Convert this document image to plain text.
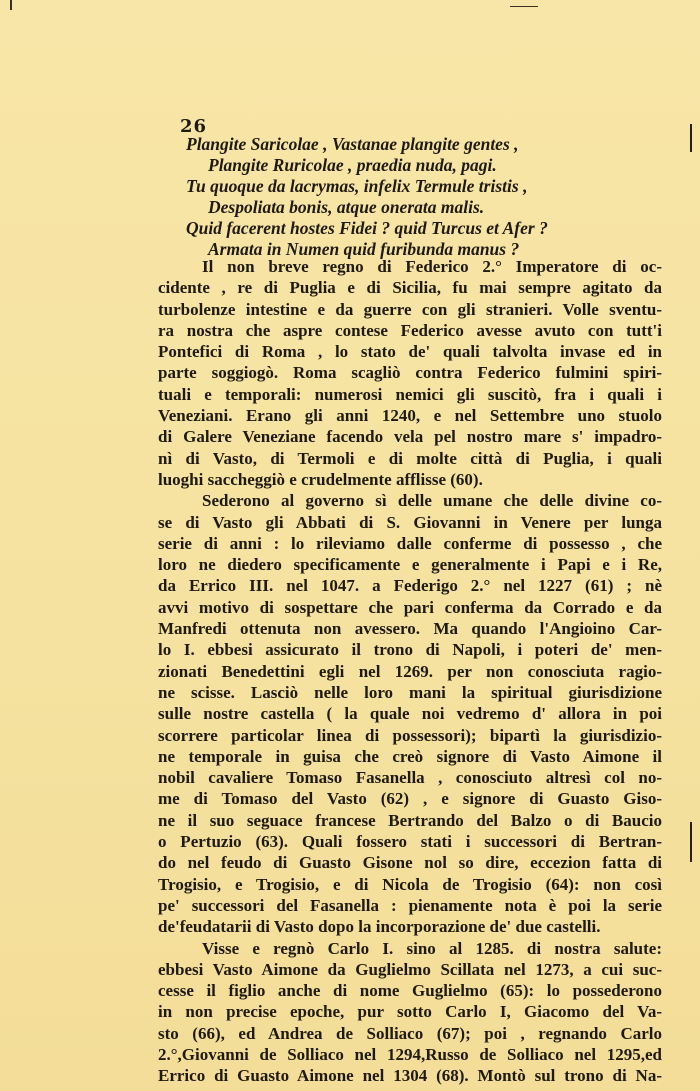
26
Plangite Saricolae , Vastanae plangite gentes ,
Plangite Ruricolae , praedia nuda, pagi.
Tu quoque da lacrymas, infelix Termule tristis ,
Despoliata bonis, atque onerata malis.
Quid facerent hostes Fidei ? quid Turcus et Afer ?
Armata in Numen quid furibunda manus ?
Il non breve regno di Federico 2.° Imperatore di oc-
cidente , re di Puglia e di Sicilia, fu mai sempre agitato da
turbolenze intestine e da guerre con gli stranieri. Volle sventu-
ra nostra che aspre contese Federico avesse avuto con tutt'i
Pontefici di Roma , lo stato de' quali talvolta invase ed in
parte soggiogò. Roma scagliò contra Federico fulmini spiri-
tuali e temporali: numerosi nemici gli suscitò, fra i quali i
Veneziani. Erano gli anni 1240, e nel Settembre uno stuolo
di Galere Veneziane facendo vela pel nostro mare s' impadro-
nì di Vasto, di Termoli e di molte città di Puglia, i quali
luoghi saccheggiò e crudelmente afflisse (60).
Sederono al governo sì delle umane che delle divine co-
se di Vasto gli Abbati di S. Giovanni in Venere per lunga
serie di anni : lo rileviamo dalle conferme di possesso , che
loro ne diedero specificamente e generalmente i Papi e i Re,
da Errico III. nel 1047. a Federigo 2.° nel 1227 (61) ; nè
avvi motivo di sospettare che pari conferma da Corrado e da
Manfredi ottenuta non avessero. Ma quando l'Angioino Car-
lo I. ebbesi assicurato il trono di Napoli, i poteri de' men-
zionati Benedettini egli nel 1269. per non conosciuta ragio-
ne scisse. Lasciò nelle loro mani la spiritual giurisdizione
sulle nostre castella ( la quale noi vedremo d' allora in poi
scorrere particolar linea di possessori); bipartì la giurisdizio-
ne temporale in guisa che creò signore di Vasto Aimone il
nobil cavaliere Tomaso Fasanella , conosciuto altresì col no-
me di Tomaso del Vasto (62) , e signore di Guasto Giso-
ne il suo seguace francese Bertrando del Balzo o di Baucio
o Pertuzio (63). Quali fossero stati i successori di Bertran-
do nel feudo di Guasto Gisone nol so dire, eccezion fatta di
Trogisio, e Trogisio, e di Nicola de Trogisio (64): non così
pe' successori del Fasanella : pienamente nota è poi la serie
de'feudatarii di Vasto dopo la incorporazione de' due castelli.
Visse e regnò Carlo I. sino al 1285. di nostra salute:
ebbesi Vasto Aimone da Guglielmo Scillata nel 1273, a cui suc-
cesse il figlio anche di nome Guglielmo (65): lo possederono
in non precise epoche, pur sotto Carlo I, Giacomo del Va-
sto (66), ed Andrea de Solliaco (67); poi , regnando Carlo
2.°,Giovanni de Solliaco nel 1294,Russo de Solliaco nel 1295,ed
Errico di Guasto Aimone nel 1304 (68). Montò sul trono di Na-
